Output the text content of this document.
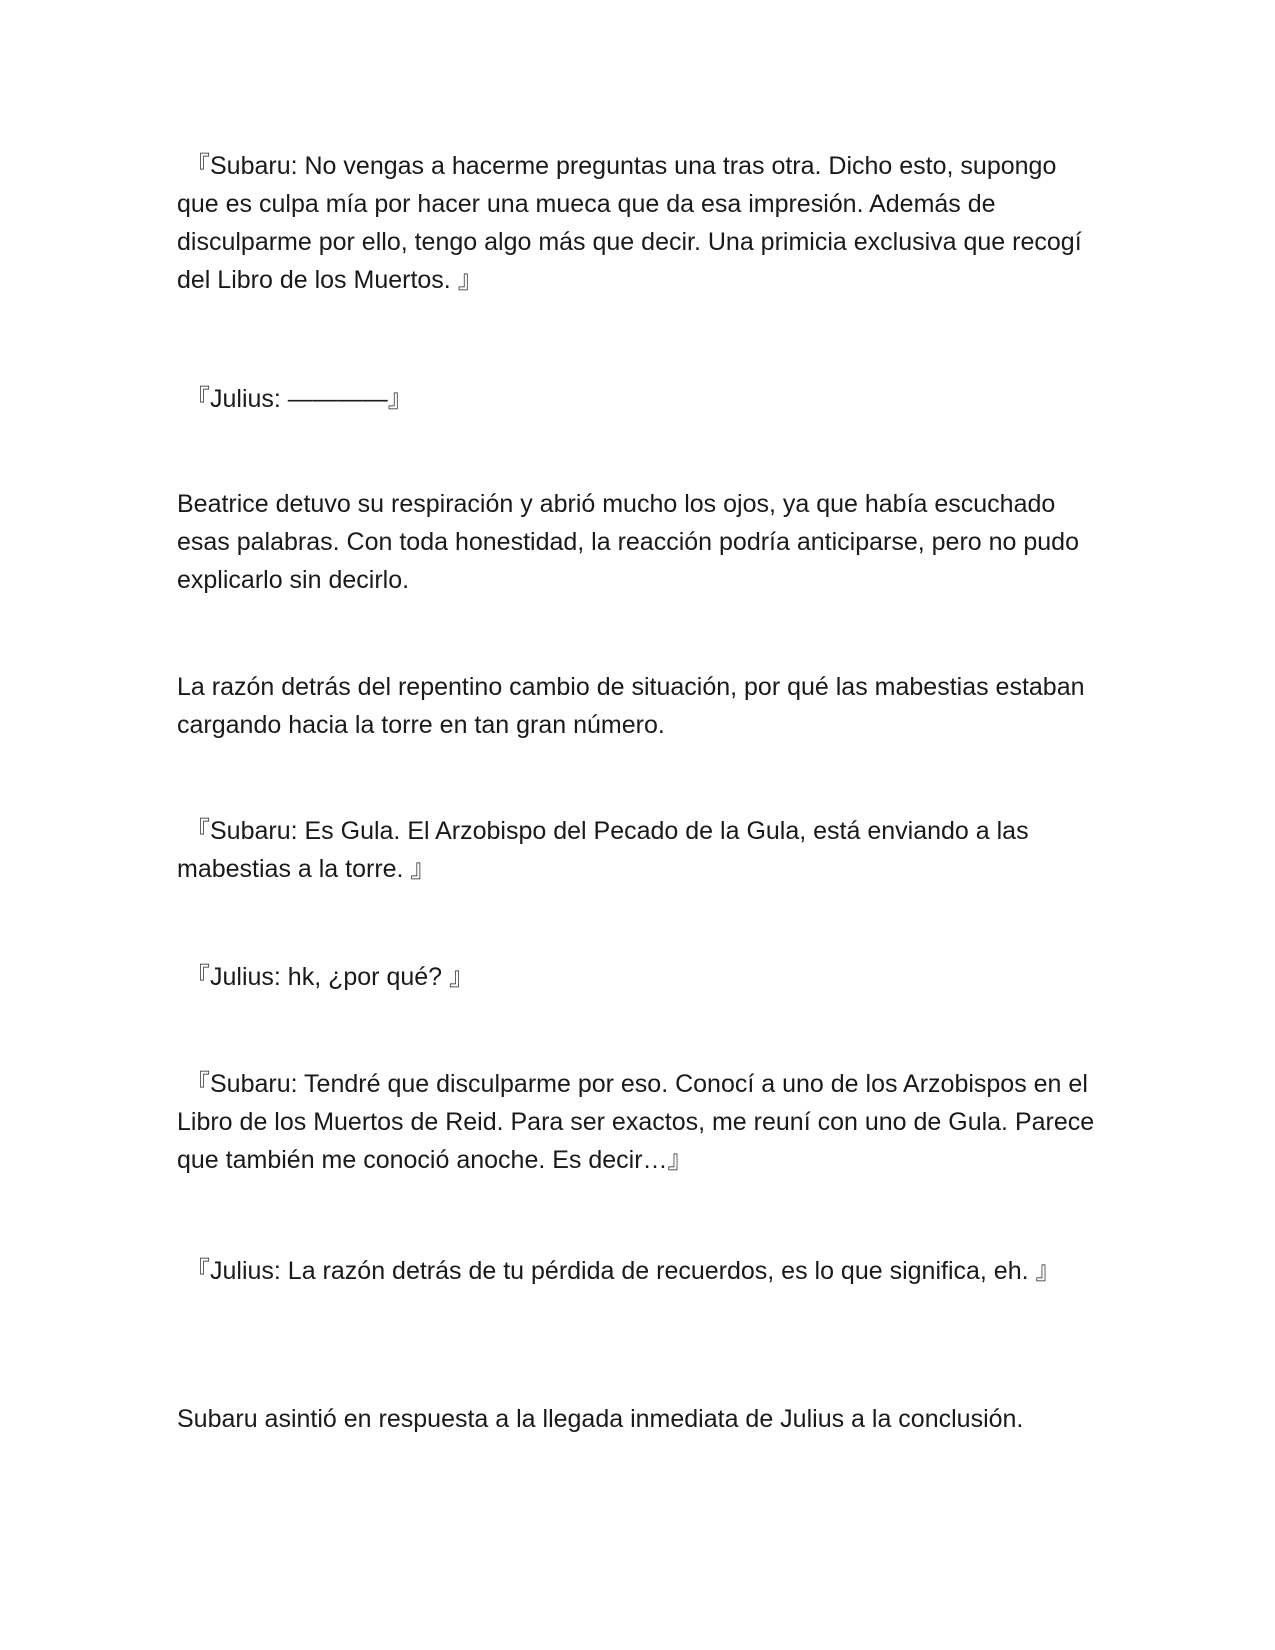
『Subaru: No vengas a hacerme preguntas una tras otra. Dicho esto, supongo que es culpa mía por hacer una mueca que da esa impresión. Además de disculparme por ello, tengo algo más que decir. Una primicia exclusiva que recogí del Libro de los Muertos. 』

『Julius: ————』

Beatrice detuvo su respiración y abrió mucho los ojos, ya que había escuchado esas palabras. Con toda honestidad, la reacción podría anticiparse, pero no pudo explicarlo sin decirlo.

La razón detrás del repentino cambio de situación, por qué las mabestias estaban cargando hacia la torre en tan gran número.

『Subaru: Es Gula. El Arzobispo del Pecado de la Gula, está enviando a las mabestias a la torre. 』

『Julius: hk, ¿por qué? 』

『Subaru: Tendré que disculparme por eso. Conocí a uno de los Arzobispos en el Libro de los Muertos de Reid. Para ser exactos, me reuní con uno de Gula. Parece que también me conoció anoche. Es decir…』

『Julius: La razón detrás de tu pérdida de recuerdos, es lo que significa, eh. 』

Subaru asintió en respuesta a la llegada inmediata de Julius a la conclusión.
